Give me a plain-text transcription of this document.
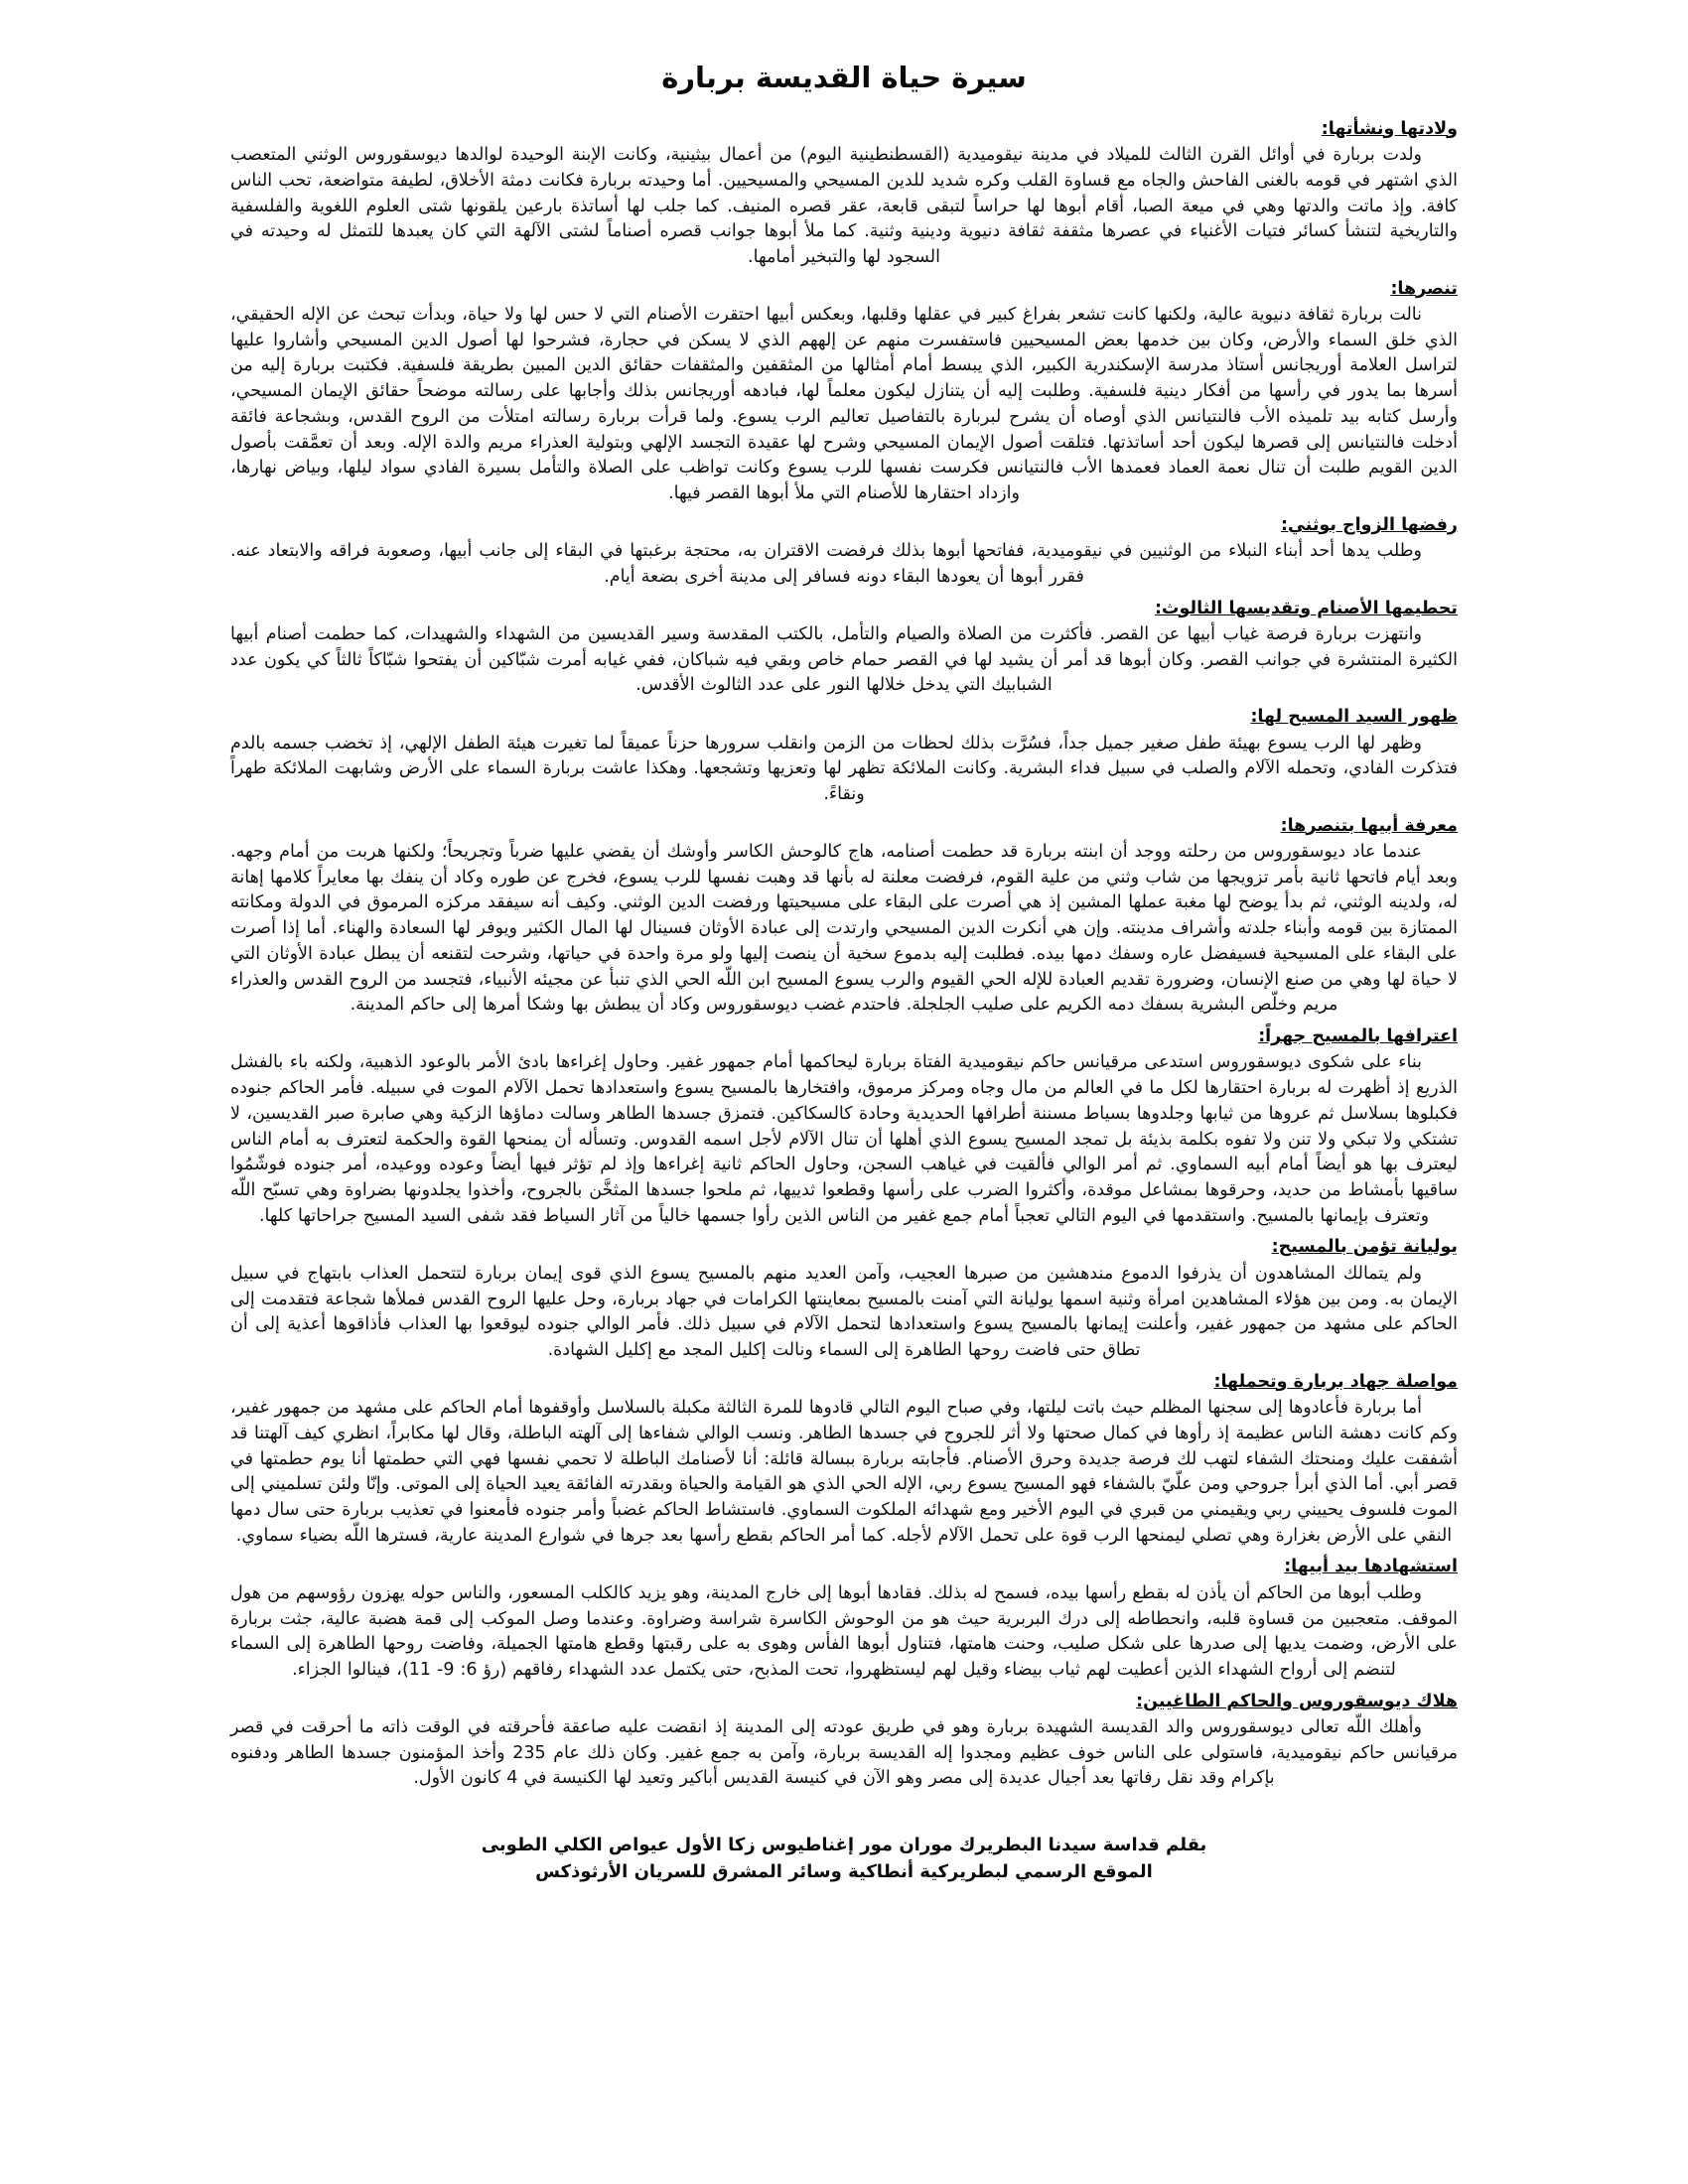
سيرة حياة القديسة بربارة
ولادتها ونشأتها:

ولدت بربارة في أوائل القرن الثالث للميلاد في مدينة نيقوميدية (القسطنطينية اليوم) من أعمال بيثينية، وكانت الإبنة الوحيدة لوالدها ديوسقوروس الوثني المتعصب الذي اشتهر في قومه بالغنى الفاحش والجاه مع قساوة القلب وكره شديد للدين المسيحي والمسيحيين. أما وحيدته بربارة فكانت دمثة الأخلاق، لطيفة متواضعة، تحب الناس كافة. وإذ ماتت والدتها وهي في ميعة الصبا، أقام أبوها لها حراساً لتبقى قابعة، عقر قصره المنيف. كما جلب لها أساتذة بارعين يلقونها شتى العلوم اللغوية والفلسفية والتاريخية لتنشأ كسائر فتيات الأغنياء في عصرها مثقفة ثقافة دنيوية ودينية وثنية. كما ملأ أبوها جوانب قصره أصناماً لشتى الآلهة التي كان يعبدها للتمثل له وحيدته في السجود لها والتبخير أمامها.

تنصرها:

نالت بربارة ثقافة دنيوية عالية، ولكنها كانت تشعر بفراغ كبير في عقلها وقلبها، وبعكس أبيها احتقرت الأصنام التي لا حس لها ولا حياة، وبدأت تبحث عن الإله الحقيقي، الذي خلق السماء والأرض، وكان بين خدمها بعض المسيحيين فاستفسرت منهم عن إلههم الذي لا يسكن في حجارة، فشرحوا لها أصول الدين المسيحي وأشاروا عليها لتراسل العلامة أوريجانس أستاذ مدرسة الإسكندرية الكبير، الذي يبسط أمام أمثالها من المثقفين والمثقفات حقائق الدين المبين بطريقة فلسفية. فكتبت بربارة إليه من أسرها بما يدور في رأسها من أفكار دينية فلسفية. وطلبت إليه أن يتنازل ليكون معلماً لها، فبادهه أوريجانس بذلك وأجابها على رسالته موضحاً حقائق الإيمان المسيحي، وأرسل كتابه بيد تلميذه الأب فالنتيانس الذي أوصاه أن يشرح لبربارة بالتفاصيل تعاليم الرب يسوع. ولما قرأت بربارة رسالته امتلأت من الروح القدس، وبشجاعة فائقة أدخلت فالنتيانس إلى قصرها ليكون أحد أساتذتها. فتلقت أصول الإيمان المسيحي وشرح لها عقيدة التجسد الإلهي وبتولية العذراء مريم والدة الإله. وبعد أن تعمَّقت بأصول الدين القويم طلبت أن تنال نعمة العماد فعمدها الأب فالنتيانس فكرست نفسها للرب يسوع وكانت تواظب على الصلاة والتأمل بسيرة الفادي سواد ليلها، وبياض نهارها، وازداد احتقارها للأصنام التي ملأ أبوها القصر فيها.

رفضها الزواج بوثني:

وطلب يدها أحد أبناء النبلاء من الوثنيين في نيقوميدية، ففاتحها أبوها بذلك فرفضت الاقتران به، محتجة برغبتها في البقاء إلى جانب أبيها، وصعوبة فراقه والابتعاد عنه. فقرر أبوها أن يعودها البقاء دونه فسافر إلى مدينة أخرى بضعة أيام.

تحطيمها الأصنام وتقديسها الثالوث:

وانتهزت بربارة فرصة غياب أبيها عن القصر. فأكثرت من الصلاة والصيام والتأمل، بالكتب المقدسة وسير القديسين من الشهداء والشهيدات، كما حطمت أصنام أبيها الكثيرة المنتشرة في جوانب القصر. وكان أبوها قد أمر أن يشيد لها في القصر حمام خاص وبقي فيه شباكان، ففي غيابه أمرت شبّاكين أن يفتحوا شبّاكاً ثالثاً كي يكون عدد الشبابيك التي يدخل خلالها النور على عدد الثالوث الأقدس.

ظهور السيد المسيح لها:

وظهر لها الرب يسوع بهيئة طفل صغير جميل جداً، فسُرَّت بذلك لحظات من الزمن وانقلب سرورها حزناً عميقاً لما تغيرت هيئة الطفل الإلهي، إذ تخضب جسمه بالدم فتذكرت الفادي، وتحمله الآلام والصلب في سبيل فداء البشرية. وكانت الملائكة تظهر لها وتعزيها وتشجعها. وهكذا عاشت بربارة السماء على الأرض وشابهت الملائكة طهراً ونقاءً.

معرفة أبيها بتنصرها:

عندما عاد ديوسقوروس من رحلته ووجد أن ابنته بربارة قد حطمت أصنامه، هاج كالوحش الكاسر وأوشك أن يقضي عليها ضرباً وتجريحاً؛ ولكنها هربت من أمام وجهه. وبعد أيام فاتحها ثانية بأمر تزويجها من شاب وثني من علية القوم، فرفضت معلنة له بأنها قد وهبت نفسها للرب يسوع، فخرج عن طوره وكاد أن ينفك بها معايراً كلامها إهانة له، ولدينه الوثني، ثم بدأ يوضح لها مغبة عملها المشين إذ هي أصرت على البقاء على مسيحيتها ورفضت الدين الوثني. وكيف أنه سيفقد مركزه المرموق في الدولة ومكانته الممتازة بين قومه وأبناء جلدته وأشراف مدينته. وإن هي أنكرت الدين المسيحي وارتدت إلى عبادة الأوثان فسينال لها المال الكثير ويوفر لها السعادة والهناء. أما إذا أصرت على البقاء على المسيحية فسيفضل عاره وسفك دمها بيده. فطلبت إليه بدموع سخية أن ينصت إليها ولو مرة واحدة في حياتها، وشرحت لتقنعه أن يبطل عبادة الأوثان التي لا حياة لها وهي من صنع الإنسان، وضرورة تقديم العبادة للإله الحي القيوم والرب يسوع المسيح ابن اللّه الحي الذي تنبأ عن مجيئه الأنبياء، فتجسد من الروح القدس والعذراء مريم وخلّص البشرية بسفك دمه الكريم على صليب الجلجلة. فاحتدم غضب ديوسقوروس وكاد أن يبطش بها وشكا أمرها إلى حاكم المدينة.

اعترافها بالمسيح جهراً:

بناء على شكوى ديوسقوروس استدعى مرقيانس حاكم نيقوميدية الفتاة بربارة ليحاكمها أمام جمهور غفير. وحاول إغراءها بادئ الأمر بالوعود الذهبية، ولكنه باء بالفشل الذريع إذ أظهرت له بربارة احتقارها لكل ما في العالم من مال وجاه ومركز مرموق، وافتخارها بالمسيح يسوع واستعدادها تحمل الآلام الموت في سبيله. فأمر الحاكم جنوده فكبلوها بسلاسل ثم عروها من ثيابها وجلدوها بسياط مسننة أطرافها الحديدية وحادة كالسكاكين. فتمزق جسدها الطاهر وسالت دماؤها الزكية وهي صابرة صبر القديسين، لا تشتكي ولا تبكي ولا تنن ولا تفوه بكلمة بذيئة بل تمجد المسيح يسوع الذي أهلها أن تنال الآلام لأجل اسمه القدوس. وتسأله أن يمنحها القوة والحكمة لتعترف به أمام الناس ليعترف بها هو أيضاً أمام أبيه السماوي. ثم أمر الوالي فألقيت في غياهب السجن، وحاول الحاكم ثانية إغراءها وإذ لم تؤثر فيها أيضاً وعوده ووعيده، أمر جنوده فوشّمُوا ساقيها بأمشاط من حديد، وحرقوها بمشاعل موقدة، وأكثروا الضرب على رأسها وقطعوا ثدييها، ثم ملحوا جسدها المثخَّن بالجروح، وأخذوا يجلدونها بضراوة وهي تسبّح اللّه وتعترف بإيمانها بالمسيح. واستقدمها في اليوم التالي تعجباً أمام جمع غفير من الناس الذين رأوا جسمها خالياً من آثار السياط فقد شفى السيد المسيح جراحاتها كلها.

يوليانة تؤمن بالمسيح:

ولم يتمالك المشاهدون أن يذرفوا الدموع مندهشين من صبرها العجيب، وآمن العديد منهم بالمسيح يسوع الذي قوى إيمان بربارة لتتحمل العذاب بابتهاج في سبيل الإيمان به. ومن بين هؤلاء المشاهدين امرأة وثنية اسمها يوليانة التي آمنت بالمسيح بمعاينتها الكرامات في جهاد بربارة، وحل عليها الروح القدس فملأها شجاعة فتقدمت إلى الحاكم على مشهد من جمهور غفير، وأعلنت إيمانها بالمسيح يسوع واستعدادها لتحمل الآلام في سبيل ذلك. فأمر الوالي جنوده ليوقعوا بها العذاب فأذاقوها أعذية إلى أن تطاق حتى فاضت روحها الطاهرة إلى السماء ونالت إكليل المجد مع إكليل الشهادة.

مواصلة جهاد بربارة وتحملها:

أما بربارة فأعادوها إلى سجنها المظلم حيث باتت ليلتها، وفي صباح اليوم التالي قادوها للمرة الثالثة مكبلة بالسلاسل وأوقفوها أمام الحاكم على مشهد من جمهور غفير، وكم كانت دهشة الناس عظيمة إذ رأوها في كمال صحتها ولا أثر للجروح في جسدها الطاهر. ونسب الوالي شفاءها إلى آلهته الباطلة، وقال لها مكابراً، انظري كيف آلهتنا قد أشفقت عليك ومنحتك الشفاء لتهب لك فرصة جديدة وحرق الأصنام. فأجابته بربارة ببسالة قائلة: أنا لأصنامك الباطلة لا تحمي نفسها فهي التي حطمتها أنا يوم حطمتها في قصر أبي. أما الذي أبرأ جروحي ومن علّيّ بالشفاء فهو المسيح يسوع ربي، الإله الحي الذي هو القيامة والحياة وبقدرته الفائقة يعيد الحياة إلى الموتى. وإنّا ولئن تسلميني إلى الموت فلسوف يحييني ربي ويقيمني من قبري في اليوم الأخير ومع شهدائه الملكوت السماوي. فاستشاط الحاكم غضباً وأمر جنوده فأمعنوا في تعذيب بربارة حتى سال دمها النقي على الأرض بغزارة وهي تصلي ليمنحها الرب قوة على تحمل الآلام لأجله. كما أمر الحاكم بقطع رأسها بعد جرها في شوارع المدينة عارية، فسترها اللّه بضياء سماوي.

استشهادها بيد أبيها:

وطلب أبوها من الحاكم أن يأذن له بقطع رأسها بيده، فسمح له بذلك. فقادها أبوها إلى خارج المدينة، وهو يزيد كالكلب المسعور، والناس حوله يهزون رؤوسهم من هول الموقف. متعجبين من قساوة قلبه، وانحطاطه إلى درك البربرية حيث هو من الوحوش الكاسرة شراسة وضراوة. وعندما وصل الموكب إلى قمة هضبة عالية، جثت بربارة على الأرض، وضمت يديها إلى صدرها على شكل صليب، وحنت هامتها، فتناول أبوها الفأس وهوى به على رقبتها وقطع هامتها الجميلة، وفاضت روحها الطاهرة إلى السماء لتنضم إلى أرواح الشهداء الذين أعطيت لهم ثياب بيضاء وقيل لهم ليستظهروا، تحت المذبح، حتى يكتمل عدد الشهداء رفاقهم (رؤ 6: 9- 11)، فينالوا الجزاء.

هلاك ديوسقوروس والحاكم الطاغيين:

وأهلك اللّه تعالى ديوسقوروس والد القديسة الشهيدة بربارة وهو في طريق عودته إلى المدينة إذ انقضت عليه صاعقة فأحرقته في الوقت ذاته ما أحرقت في قصر مرقيانس حاكم نيقوميدية، فاستولى على الناس خوف عظيم ومجدوا إله القديسة بربارة، وآمن به جمع غفير. وكان ذلك عام 235 وأخذ المؤمنون جسدها الطاهر ودفنوه بإكرام وقد نقل رفاتها بعد أجيال عديدة إلى مصر وهو الآن في كنيسة القديس أباكير وتعيد لها الكنيسة في 4 كانون الأول.

بقلم قداسة سيدنا البطريرك موران مور إغناطيوس زكا الأول عيواص الكلي الطوبى
الموقع الرسمي لبطريركية أنطاكية وسائر المشرق للسريان الأرثوذكس
